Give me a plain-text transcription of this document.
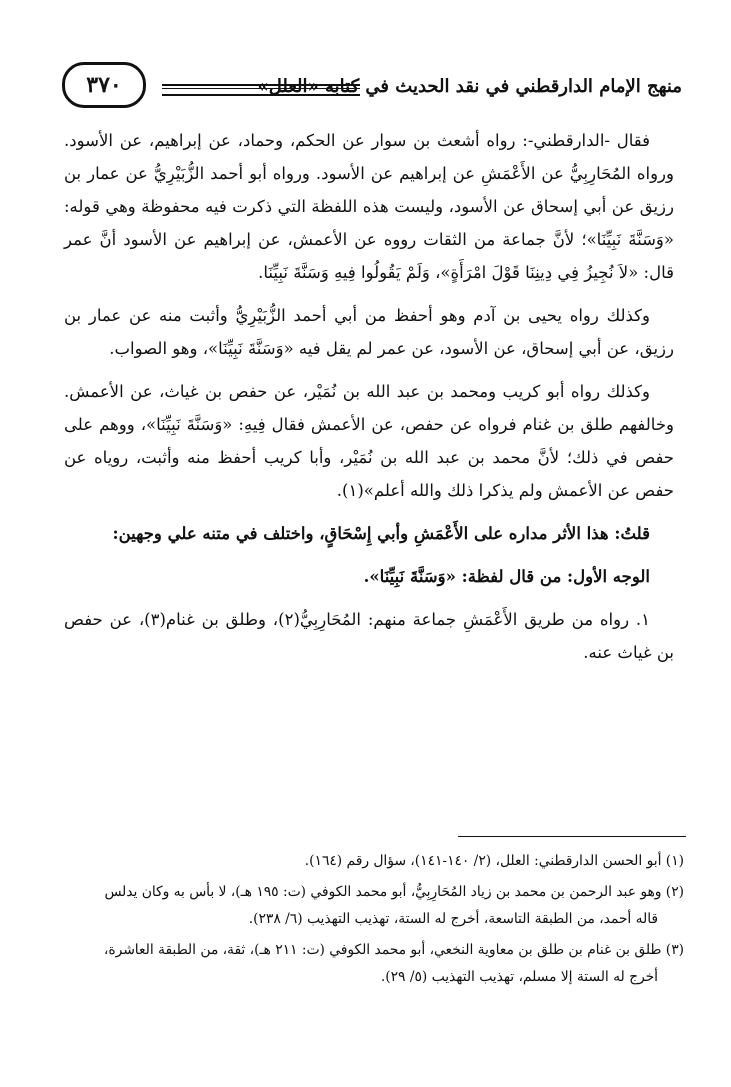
منهج الإمام الدارقطني في نقد الحديث في كتابه «العلل»
٣٧٠

فقال -الدارقطني-: رواه أشعث بن سوار عن الحكم، وحماد، عن إبراهيم، عن الأسود. ورواه المُحَارِبِيُّ عن الأَعْمَشِ عن إبراهيم عن الأسود. ورواه أبو أحمد الزُّبَيْرِيُّ عن عمار بن رزيق عن أبي إسحاق عن الأسود، وليست هذه اللفظة التي ذكرت فيه محفوظة وهي قوله: «وَسَنَّةَ نَبِيِّنَا»؛ لأنَّ جماعة من الثقات رووه عن الأعمش، عن إبراهيم عن الأسود أنَّ عمر قال: «لاَ نُجِيزُ فِي دِينِنَا قَوْلَ امْرَأَةٍ»، وَلَمْ يَقُولُوا فِيهِ وَسَنَّةَ نَبِيِّنَا.

وكذلك رواه يحيى بن آدم وهو أحفظ من أبي أحمد الزُّبَيْرِيُّ وأثبت منه عن عمار بن رزيق، عن أبي إسحاق، عن الأسود، عن عمر لم يقل فيه «وَسَنَّةَ نَبِيِّنَا»، وهو الصواب.

وكذلك رواه أبو كريب ومحمد بن عبد الله بن نُمَيْر، عن حفص بن غياث، عن الأعمش. وخالفهم طلق بن غنام فرواه عن حفص، عن الأعمش فقال فِيهِ: «وَسَنَّةَ نَبِيِّنَا»، ووهم على حفص في ذلك؛ لأنَّ محمد بن عبد الله بن نُمَيْر، وأبا كريب أحفظ منه وأثبت، روياه عن حفص عن الأعمش ولم يذكرا ذلك والله أعلم»(١).

قلتُ: هذا الأثر مداره على الأَعْمَشِ وأبي إِسْحَاقٍ، واختلف في متنه علي وجهين:

الوجه الأول: من قال لفظة: «وَسَنَّةَ نَبِيِّنَا».

١. رواه من طريق الأَعْمَشِ جماعة منهم: المُحَارِبِيُّ(٢)، وطلق بن غنام(٣)، عن حفص بن غياث عنه.

(١) أبو الحسن الدارقطني: العلل، (٢/ ١٤٠-١٤١)، سؤال رقم (١٦٤).

(٢) وهو عبد الرحمن بن محمد بن زياد المُحَارِبِيُّ، أبو محمد الكوفي (ت: ١٩٥ هـ)، لا بأس به وكان يدلس

قاله أحمد، من الطبقة التاسعة، أخرج له الستة، تهذيب التهذيب (٦/ ٢٣٨).

(٣) طلق بن غنام بن طلق بن معاوية النخعي، أبو محمد الكوفي (ت: ٢١١ هـ)، ثقة، من الطبقة العاشرة،

أخرج له الستة إلا مسلم، تهذيب التهذيب (٥/ ٢٩).
